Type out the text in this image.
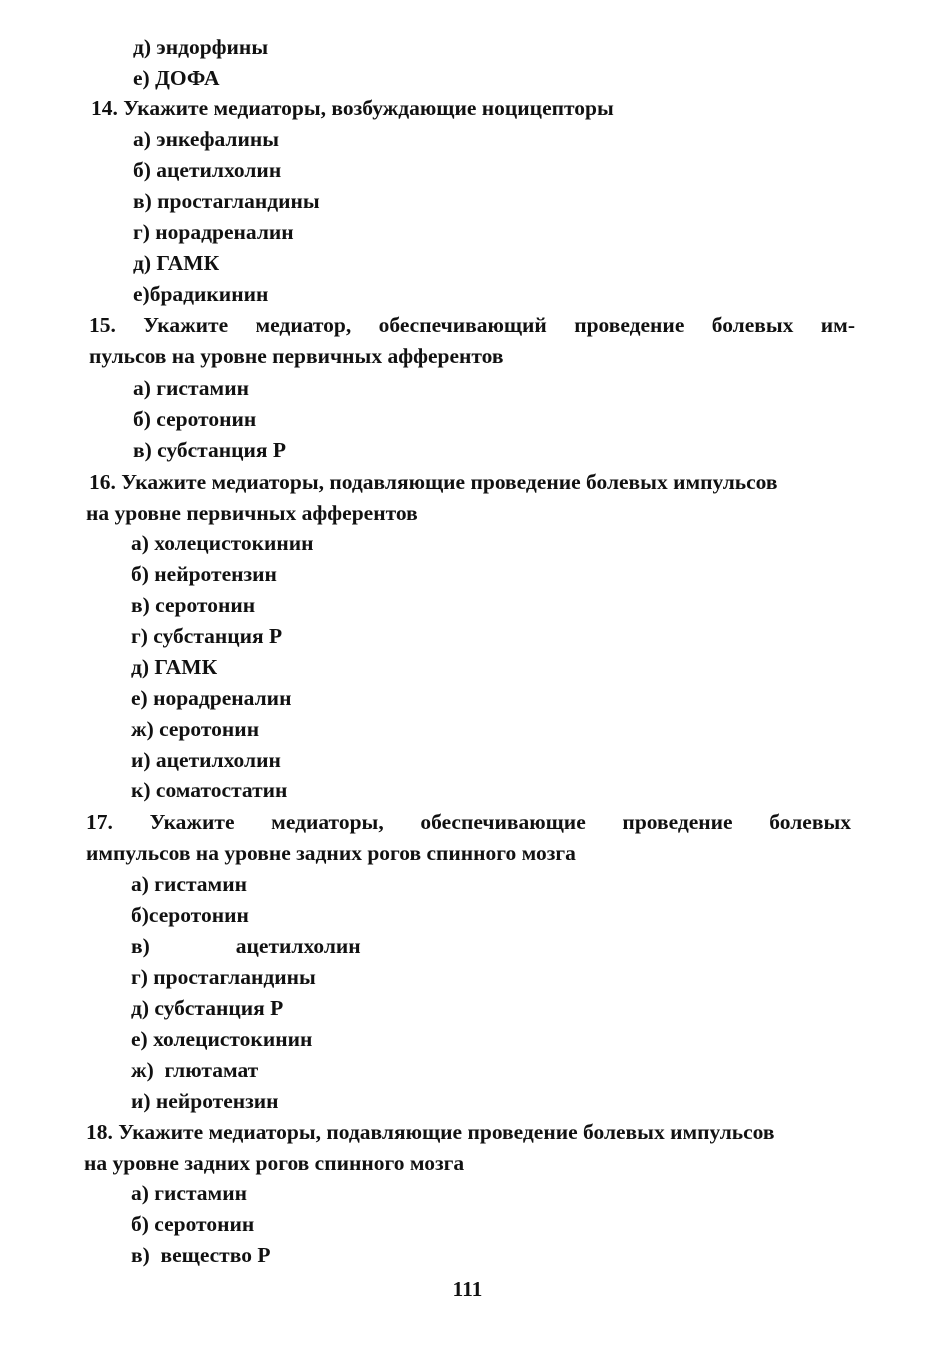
д) эндорфины
е) ДОФА
14. Укажите медиаторы, возбуждающие ноцицепторы
а) энкефалины
б) ацетилхолин
в) простагландины
г) норадреналин
д) ГАМК
е)брадикинин
15. Укажите медиатор, обеспечивающий проведение болевых им-
пульсов на уровне первичных афферентов
а) гистамин
б) серотонин
в) субстанция Р
16. Укажите медиаторы, подавляющие проведение болевых импульсов
на уровне первичных афферентов
а) холецистокинин
б) нейротензин
в) серотонин
г) субстанция Р
д) ГАМК
е) норадреналин
ж) серотонин
и) ацетилхолин
к) соматостатин
17. Укажите медиаторы, обеспечивающие проведение болевых
импульсов на уровне задних рогов спинного мозга
а) гистамин
б)серотонин
в)                ацетилхолин
г) простагландины
д) субстанция Р
е) холецистокинин
ж)  глютамат
и) нейротензин
18. Укажите медиаторы, подавляющие проведение болевых импульсов
на уровне задних рогов спинного мозга
а) гистамин
б) серотонин
в)  вещество Р
111
